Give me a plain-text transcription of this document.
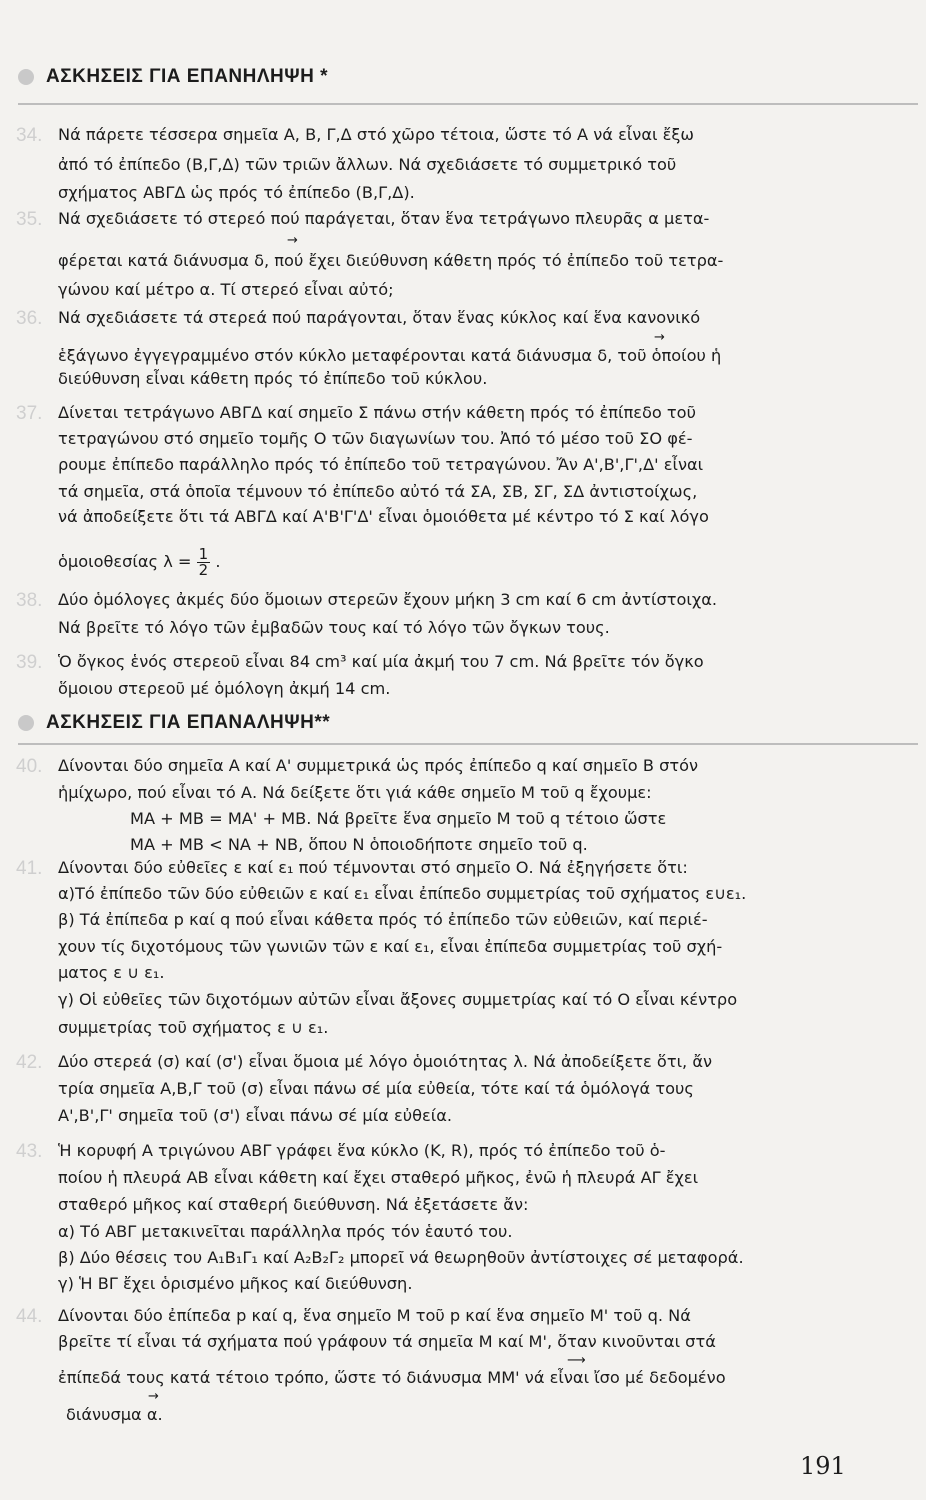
ΑΣΚΗΣΕΙΣ ΓΙΑ ΕΠΑΝΗΛΗΨΗ *
34. Νά πάρετε τέσσερα σημεῖα Α, Β, Γ,Δ στό χῶρο τέτοια, ὥστε τό Α νά εἶναι ἔξω
ἀπό τό ἐπίπεδο (Β,Γ,Δ) τῶν τριῶν ἄλλων. Νά σχεδιάσετε τό συμμετρικό τοῦ
σχήματος ΑΒΓΔ ὡς πρός τό ἐπίπεδο (Β,Γ,Δ).
35. Νά σχεδιάσετε τό στερεό πού παράγεται, ὅταν ἕνα τετράγωνο πλευρᾶς α μετα-
→
φέρεται κατά διάνυσμα δ, πού ἔχει διεύθυνση κάθετη πρός τό ἐπίπεδο τοῦ τετρα-
γώνου καί μέτρο α. Τί στερεό εἶναι αὐτό;
36. Νά σχεδιάσετε τά στερεά πού παράγονται, ὅταν ἕνας κύκλος καί ἕνα κανονικό
→
ἑξάγωνο ἐγγεγραμμένο στόν κύκλο μεταφέρονται κατά διάνυσμα δ, τοῦ ὁποίου ἡ
διεύθυνση εἶναι κάθετη πρός τό ἐπίπεδο τοῦ κύκλου.
37. Δίνεται τετράγωνο ΑΒΓΔ καί σημεῖο Σ πάνω στήν κάθετη πρός τό ἐπίπεδο τοῦ
τετραγώνου στό σημεῖο τομῆς Ο τῶν διαγωνίων του. Ἀπό τό μέσο τοῦ ΣΟ φέ-
ρουμε ἐπίπεδο παράλληλο πρός τό ἐπίπεδο τοῦ τετραγώνου. Ἄν Α',Β',Γ',Δ' εἶναι
τά σημεῖα, στά ὁποῖα τέμνουν τό ἐπίπεδο αὐτό τά ΣΑ, ΣΒ, ΣΓ, ΣΔ ἀντιστοίχως,
νά ἀποδείξετε ὅτι τά ΑΒΓΔ καί Α'Β'Γ'Δ' εἶναι ὁμοιόθετα μέ κέντρο τό Σ καί λόγο
ὁμοιοθεσίας $\lambda = \frac{1}{2}$ .
38. Δύο ὁμόλογες ἀκμές δύο ὅμοιων στερεῶν ἔχουν μήκη 3 cm καί 6 cm ἀντίστοιχα.
Νά βρεῖτε τό λόγο τῶν ἐμβαδῶν τους καί τό λόγο τῶν ὄγκων τους.
39. Ὁ ὄγκος ἑνός στερεοῦ εἶναι 84 cm³ καί μία ἀκμή του 7 cm. Νά βρεῖτε τόν ὄγκο
ὅμοιου στερεοῦ μέ ὁμόλογη ἀκμή 14 cm.
ΑΣΚΗΣΕΙΣ ΓΙΑ ΕΠΑΝΑΛΗΨΗ**
40. Δίνονται δύο σημεῖα Α καί Α' συμμετρικά ὡς πρός ἐπίπεδο q καί σημεῖο Β στόν
ἡμίχωρο, πού εἶναι τό Α. Νά δείξετε ὅτι γιά κάθε σημεῖο Μ τοῦ q ἔχουμε:
ΜΑ + ΜΒ = ΜΑ' + ΜΒ. Νά βρεῖτε ἕνα σημεῖο Μ τοῦ q τέτοιο ὥστε
ΜΑ + ΜΒ < ΝΑ + ΝΒ, ὅπου Ν ὁποιοδήποτε σημεῖο τοῦ q.
41. Δίνονται δύο εὐθεῖες ε καί ε₁ πού τέμνονται στό σημεῖο Ο. Νά ἐξηγήσετε ὅτι:
α)Τό ἐπίπεδο τῶν δύο εὐθειῶν ε καί ε₁ εἶναι ἐπίπεδο συμμετρίας τοῦ σχήματος ε∪ε₁.
β) Τά ἐπίπεδα p καί q πού εἶναι κάθετα πρός τό ἐπίπεδο τῶν εὐθειῶν, καί περιέ-
χουν τίς διχοτόμους τῶν γωνιῶν τῶν ε καί ε₁, εἶναι ἐπίπεδα συμμετρίας τοῦ σχή-
ματος ε ∪ ε₁.
γ) Οἱ εὐθεῖες τῶν διχοτόμων αὐτῶν εἶναι ἄξονες συμμετρίας καί τό Ο εἶναι κέντρο
συμμετρίας τοῦ σχήματος ε ∪ ε₁.
42. Δύο στερεά (σ) καί (σ') εἶναι ὅμοια μέ λόγο ὁμοιότητας λ. Νά ἀποδείξετε ὅτι, ἄν
τρία σημεῖα Α,Β,Γ τοῦ (σ) εἶναι πάνω σέ μία εὐθεία, τότε καί τά ὁμόλογά τους
Α',Β',Γ' σημεῖα τοῦ (σ') εἶναι πάνω σέ μία εὐθεία.
43. Ἡ κορυφή Α τριγώνου ΑΒΓ γράφει ἕνα κύκλο (Κ, R), πρός τό ἐπίπεδο τοῦ ὁ-
ποίου ἡ πλευρά ΑΒ εἶναι κάθετη καί ἔχει σταθερό μῆκος, ἐνῶ ἡ πλευρά ΑΓ ἔχει
σταθερό μῆκος καί σταθερή διεύθυνση. Νά ἐξετάσετε ἄν:
α) Τό ΑΒΓ μετακινεῖται παράλληλα πρός τόν ἑαυτό του.
β) Δύο θέσεις του Α₁Β₁Γ₁ καί Α₂Β₂Γ₂ μπορεῖ νά θεωρηθοῦν ἀντίστοιχες σέ μεταφορά.
γ) Ἡ ΒΓ ἔχει ὁρισμένο μῆκος καί διεύθυνση.
44. Δίνονται δύο ἐπίπεδα p καί q, ἕνα σημεῖο Μ τοῦ p καί ἕνα σημεῖο Μ' τοῦ q. Νά
βρεῖτε τί εἶναι τά σχήματα πού γράφουν τά σημεῖα Μ καί Μ', ὅταν κινοῦνται στά
⟶
ἐπίπεδά τους κατά τέτοιο τρόπο, ὥστε τό διάνυσμα ΜΜ' νά εἶναι ἴσο μέ δεδομένο
→
διάνυσμα α.
191
